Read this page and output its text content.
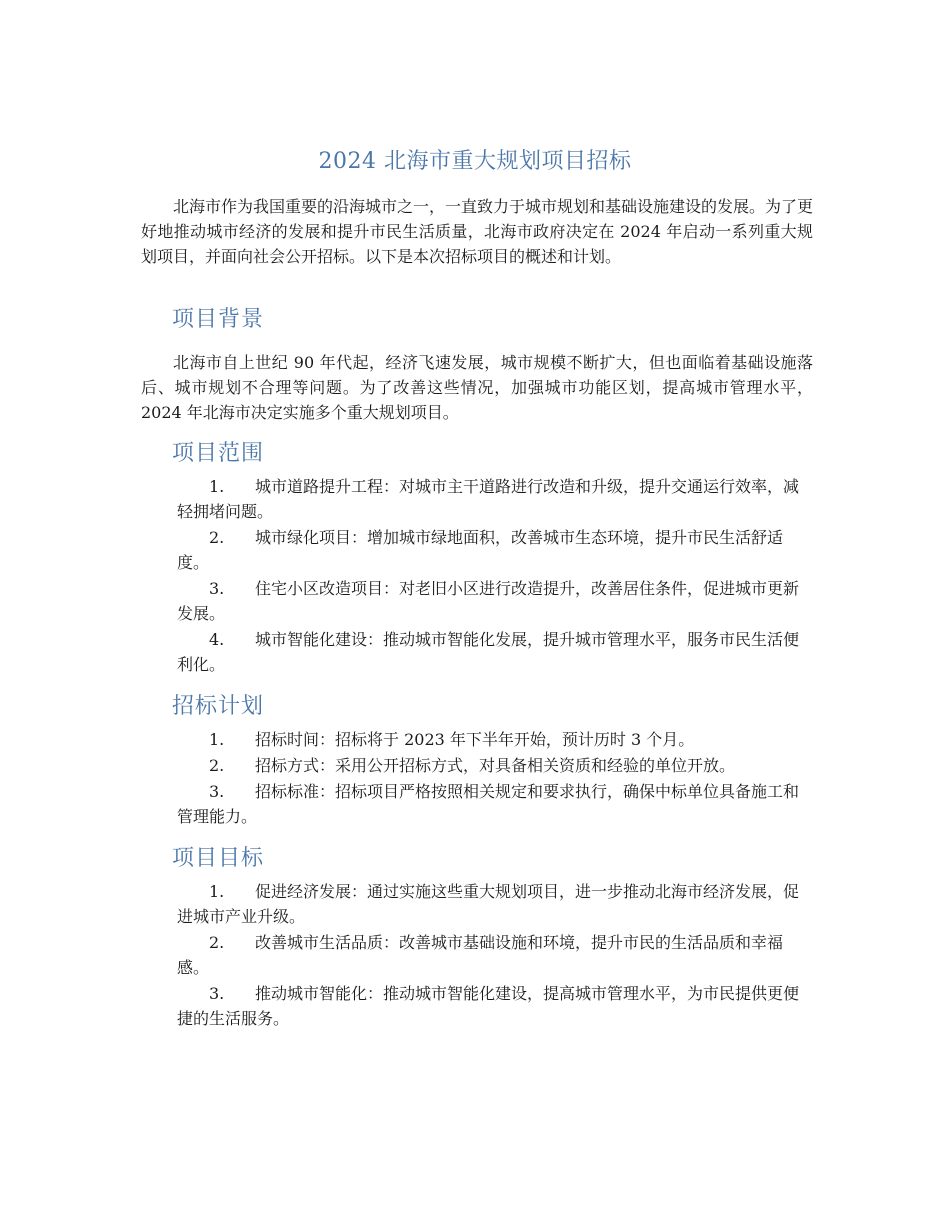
2024 北海市重大规划项目招标

北海市作为我国重要的沿海城市之一，一直致力于城市规划和基础设施建设的发展。为了更好地推动城市经济的发展和提升市民生活质量，北海市政府决定在 2024 年启动一系列重大规划项目，并面向社会公开招标。以下是本次招标项目的概述和计划。

项目背景

北海市自上世纪 90 年代起，经济飞速发展，城市规模不断扩大，但也面临着基础设施落后、城市规划不合理等问题。为了改善这些情况，加强城市功能区划，提高城市管理水平，2024 年北海市决定实施多个重大规划项目。

项目范围
1. 城市道路提升工程：对城市主干道路进行改造和升级，提升交通运行效率，减轻拥堵问题。
2. 城市绿化项目：增加城市绿地面积，改善城市生态环境，提升市民生活舒适度。
3. 住宅小区改造项目：对老旧小区进行改造提升，改善居住条件，促进城市更新发展。
4. 城市智能化建设：推动城市智能化发展，提升城市管理水平，服务市民生活便利化。
招标计划
1. 招标时间：招标将于 2023 年下半年开始，预计历时 3 个月。
2. 招标方式：采用公开招标方式，对具备相关资质和经验的单位开放。
3. 招标标准：招标项目严格按照相关规定和要求执行，确保中标单位具备施工和管理能力。
项目目标
1. 促进经济发展：通过实施这些重大规划项目，进一步推动北海市经济发展，促进城市产业升级。
2. 改善城市生活品质：改善城市基础设施和环境，提升市民的生活品质和幸福感。
3. 推动城市智能化：推动城市智能化建设，提高城市管理水平，为市民提供更便捷的生活服务。
